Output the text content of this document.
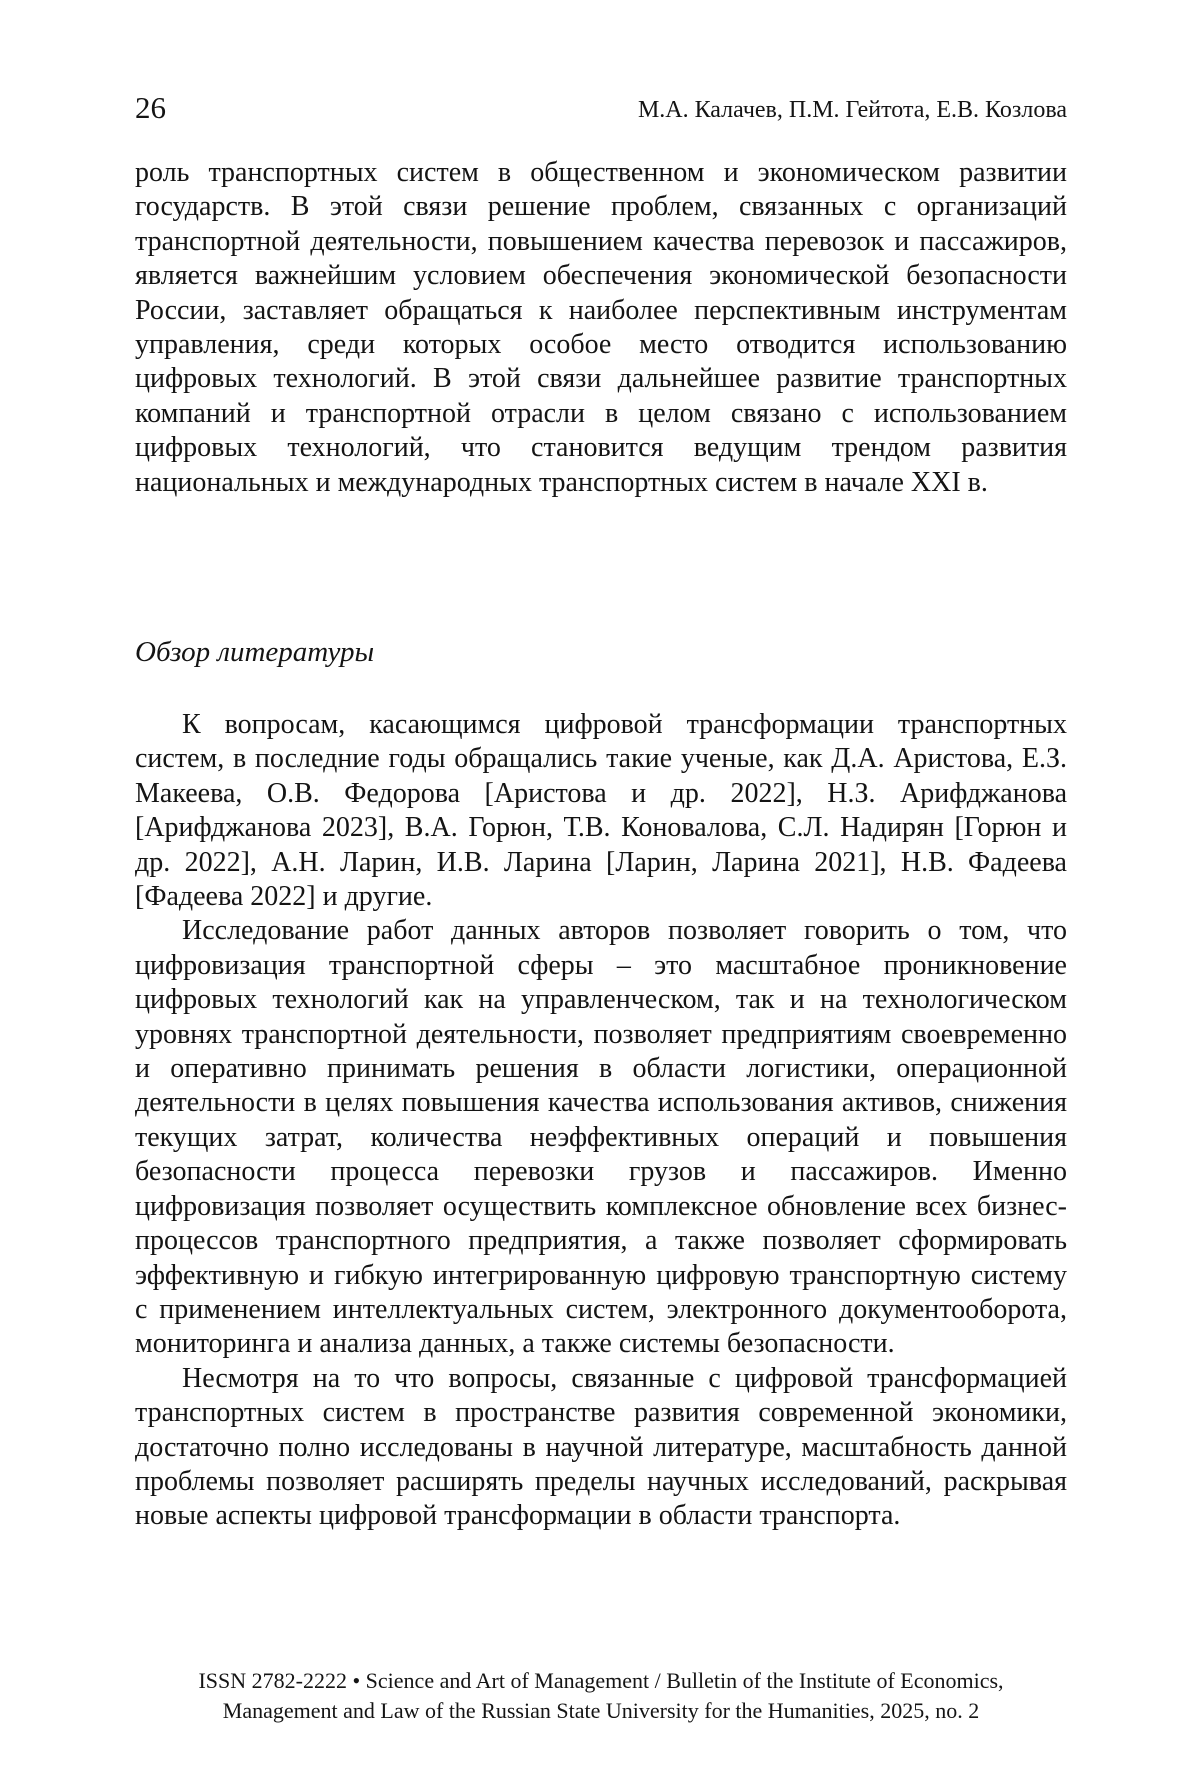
26	М.А. Калачев, П.М. Гейтота, Е.В. Козлова

роль транспортных систем в общественном и экономическом развитии государств. В этой связи решение проблем, связанных с организаций транспортной деятельности, повышением качества перевозок и пассажиров, является важнейшим условием обеспечения экономической безопасности России, заставляет обращаться к наиболее перспективным инструментам управления, среди которых особое место отводится использованию цифровых технологий. В этой связи дальнейшее развитие транспортных компаний и транспортной отрасли в целом связано с использованием цифровых технологий, что становится ведущим трендом развития национальных и международных транспортных систем в начале XXI в.

Обзор литературы

К вопросам, касающимся цифровой трансформации транспортных систем, в последние годы обращались такие ученые, как Д.А. Аристова, Е.З. Макеева, О.В. Федорова [Аристова и др. 2022], Н.З. Арифджанова [Арифджанова 2023], В.А. Горюн, Т.В. Коновалова, С.Л. Надирян [Горюн и др. 2022], А.Н. Ларин, И.В. Ларина [Ларин, Ларина 2021], Н.В. Фадеева [Фадеева 2022] и другие.

Исследование работ данных авторов позволяет говорить о том, что цифровизация транспортной сферы – это масштабное проникновение цифровых технологий как на управленческом, так и на технологическом уровнях транспортной деятельности, позволяет предприятиям своевременно и оперативно принимать решения в области логистики, операционной деятельности в целях повышения качества использования активов, снижения текущих затрат, количества неэффективных операций и повышения безопасности процесса перевозки грузов и пассажиров. Именно цифровизация позволяет осуществить комплексное обновление всех бизнес-процессов транспортного предприятия, а также позволяет сформировать эффективную и гибкую интегрированную цифровую транспортную систему с применением интеллектуальных систем, электронного документооборота, мониторинга и анализа данных, а также системы безопасности.

Несмотря на то что вопросы, связанные с цифровой трансформацией транспортных систем в пространстве развития современной экономики, достаточно полно исследованы в научной литературе, масштабность данной проблемы позволяет расширять пределы научных исследований, раскрывая новые аспекты цифровой трансформации в области транспорта.

ISSN 2782-2222 • Science and Art of Management / Bulletin of the Institute of Economics,
Management and Law of the Russian State University for the Humanities, 2025, no. 2
